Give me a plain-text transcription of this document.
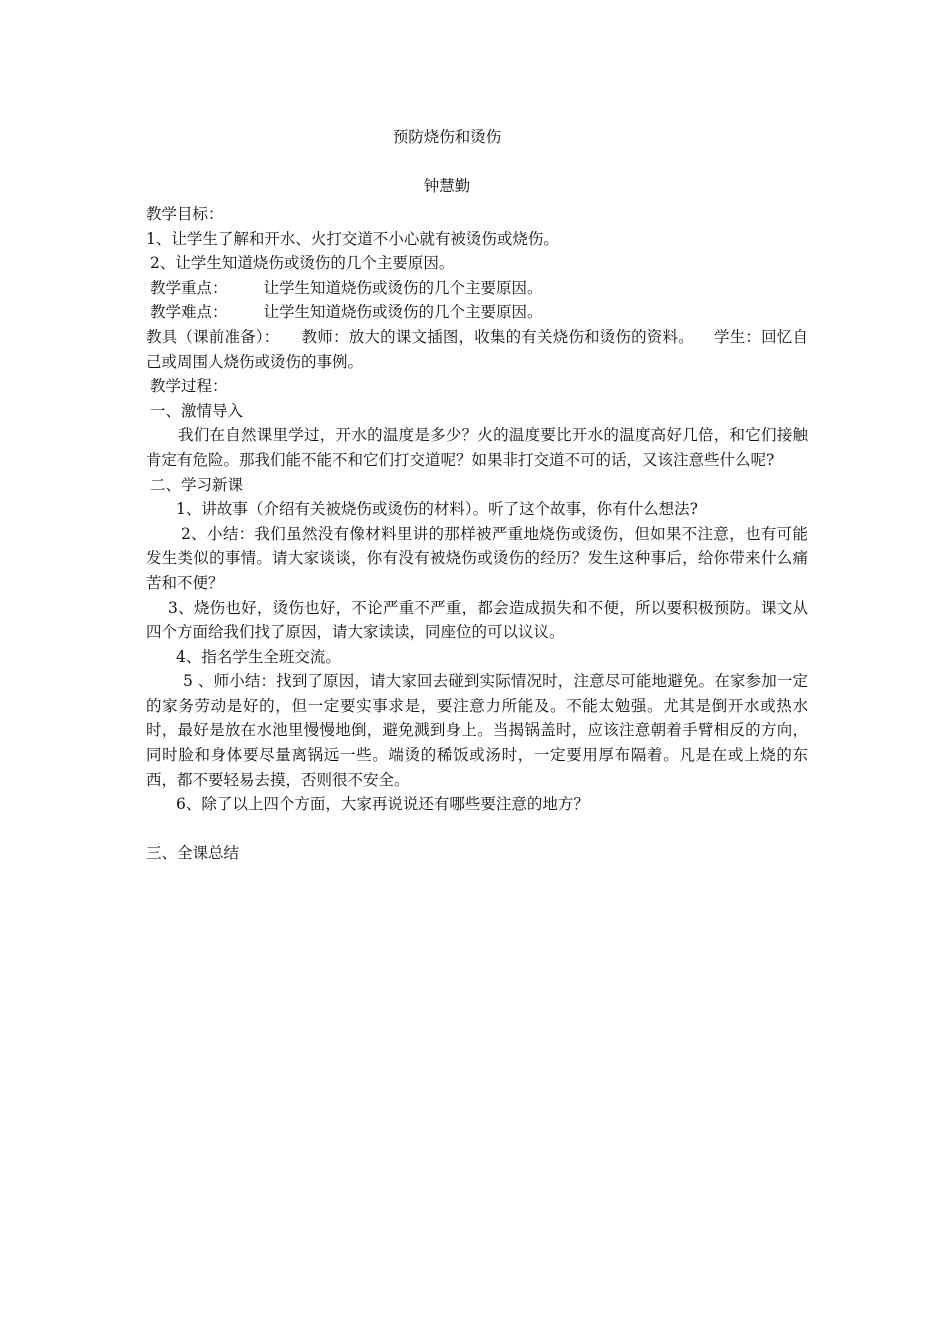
预防烧伤和烫伤
钟慧勤

教学目标：

1、让学生了解和开水、火打交道不小心就有被烫伤或烧伤。

2、让学生知道烧伤或烫伤的几个主要原因。

教学重点： 让学生知道烧伤或烫伤的几个主要原因。

教学难点： 让学生知道烧伤或烫伤的几个主要原因。

教具（课前准备）： 教师：放大的课文插图，收集的有关烧伤和烫伤的资料。 学生：回忆自己或周围人烧伤或烫伤的事例。

教学过程：

一、激情导入

我们在自然课里学过，开水的温度是多少？火的温度要比开水的温度高好几倍，和它们接触肯定有危险。那我们能不能不和它们打交道呢？如果非打交道不可的话，又该注意些什么呢?

二、学习新课

1、讲故事（介绍有关被烧伤或烫伤的材料）。听了这个故事，你有什么想法?

2、小结：我们虽然没有像材料里讲的那样被严重地烧伤或烫伤，但如果不注意，也有可能发生类似的事情。请大家谈谈，你有没有被烧伤或烫伤的经历？发生这种事后，给你带来什么痛苦和不便？

3、烧伤也好，烫伤也好，不论严重不严重，都会造成损失和不便，所以要积极预防。课文从四个方面给我们找了原因，请大家读读，同座位的可以议议。

4、指名学生全班交流。

5 、师小结：找到了原因，请大家回去碰到实际情况时，注意尽可能地避免。在家参加一定的家务劳动是好的，但一定要实事求是，要注意力所能及。不能太勉强。尤其是倒开水或热水时，最好是放在水池里慢慢地倒，避免溅到身上。当揭锅盖时，应该注意朝着手臂相反的方向，同时脸和身体要尽量离锅远一些。端烫的稀饭或汤时，一定要用厚布隔着。凡是在或上烧的东西，都不要轻易去摸，否则很不安全。

6、除了以上四个方面，大家再说说还有哪些要注意的地方？

三、全课总结
